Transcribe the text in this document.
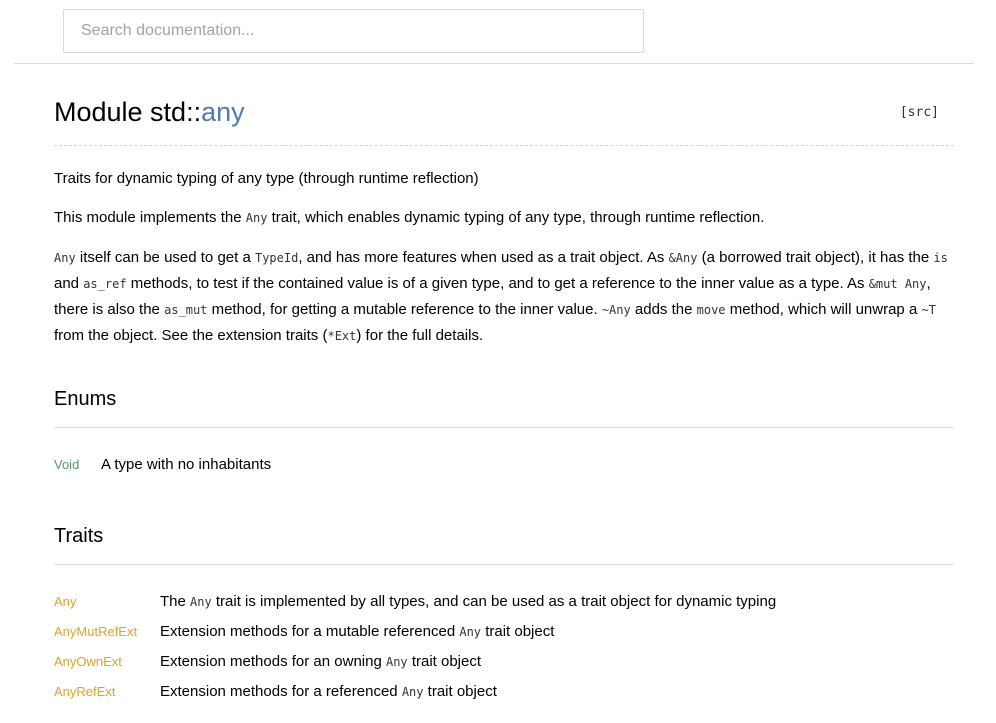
Search documentation...
Module std::any	[src]

Traits for dynamic typing of any type (through runtime reflection)

This module implements the Any trait, which enables dynamic typing of any type, through runtime reflection.

Any itself can be used to get a TypeId, and has more features when used as a trait object. As &Any (a borrowed trait object), it has the is and as_ref methods, to test if the contained value is of a given type, and to get a reference to the inner value as a type. As &mut Any, there is also the as_mut method, for getting a mutable reference to the inner value. ~Any adds the move method, which will unwrap a ~T from the object. See the extension traits (*Ext) for the full details.

Enums
Void A type with no inhabitants
Traits
Any	The Any trait is implemented by all types, and can be used as a trait object for dynamic typing
AnyMutRefExt Extension methods for a mutable referenced Any trait object
AnyOwnExt	Extension methods for an owning Any trait object
AnyRefExt	Extension methods for a referenced Any trait object
